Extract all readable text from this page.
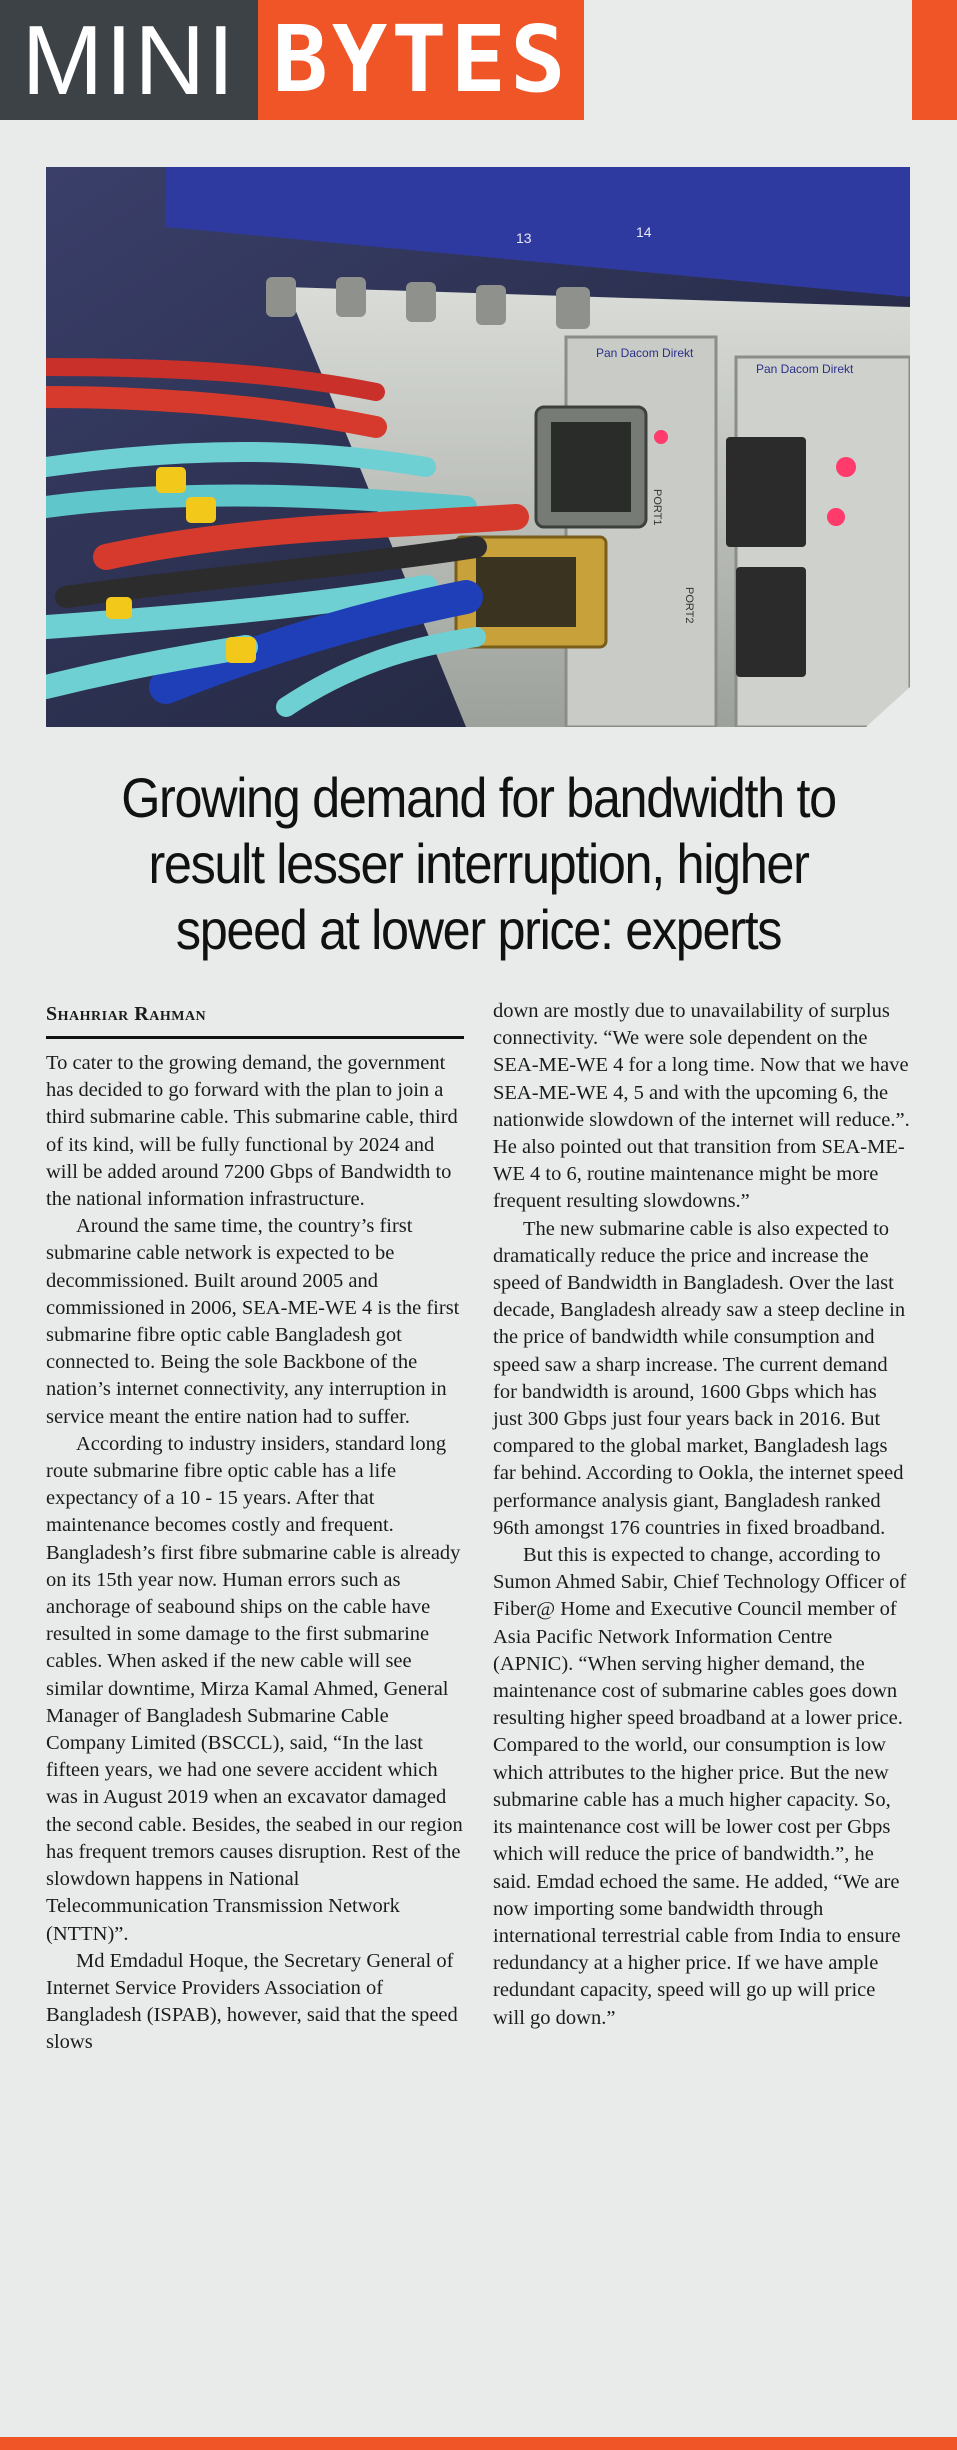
MINI BYTES
Pan Dacom Direkt
Pan Dacom Direkt
13	14
PORT1
PORT2
Growing demand for bandwidth to result lesser interruption, higher speed at lower price: experts
Shahriar Rahman

To cater to the growing demand, the government has decided to go forward with the plan to join a third submarine cable. This submarine cable, third of its kind, will be fully functional by 2024 and will be added around 7200 Gbps of Bandwidth to the national information infrastructure.

Around the same time, the country’s first submarine cable network is expected to be decommissioned. Built around 2005 and commissioned in 2006, SEA-ME-WE 4 is the first submarine fibre optic cable Bangladesh got connected to. Being the sole Backbone of the nation’s internet connectivity, any interruption in service meant the entire nation had to suffer.

According to industry insiders, standard long route submarine fibre optic cable has a life expectancy of a 10 - 15 years. After that maintenance becomes costly and frequent. Bangladesh’s first fibre submarine cable is already on its 15th year now. Human errors such as anchorage of seabound ships on the cable have resulted in some damage to the first submarine cables. When asked if the new cable will see similar downtime, Mirza Kamal Ahmed, General Manager of Bangladesh Submarine Cable Company Limited (BSCCL), said, “In the last fifteen years, we had one severe accident which was in August 2019 when an excavator damaged the second cable. Besides, the seabed in our region has frequent tremors causes disruption. Rest of the slowdown happens in National Telecommunication Transmission Network (NTTN)”.

Md Emdadul Hoque, the Secretary General of Internet Service Providers Association of Bangladesh (ISPAB), however, said that the speed slows

down are mostly due to unavailability of surplus connectivity. “We were sole dependent on the SEA-ME-WE 4 for a long time. Now that we have SEA-ME-WE 4, 5 and with the upcoming 6, the nationwide slowdown of the internet will reduce.”. He also pointed out that transition from SEA-ME-WE 4 to 6, routine maintenance might be more frequent resulting slowdowns.”

The new submarine cable is also expected to dramatically reduce the price and increase the speed of Bandwidth in Bangladesh. Over the last decade, Bangladesh already saw a steep decline in the price of bandwidth while consumption and speed saw a sharp increase. The current demand for bandwidth is around, 1600 Gbps which has just 300 Gbps just four years back in 2016. But compared to the global market, Bangladesh lags far behind. According to Ookla, the internet speed performance analysis giant, Bangladesh ranked 96th amongst 176 countries in fixed broadband.

But this is expected to change, according to Sumon Ahmed Sabir, Chief Technology Officer of Fiber@ Home and Executive Council member of Asia Pacific Network Information Centre (APNIC). “When serving higher demand, the maintenance cost of submarine cables goes down resulting higher speed broadband at a lower price. Compared to the world, our consumption is low which attributes to the higher price. But the new submarine cable has a much higher capacity. So, its maintenance cost will be lower cost per Gbps which will reduce the price of bandwidth.”, he said. Emdad echoed the same. He added, “We are now importing some bandwidth through international terrestrial cable from India to ensure redundancy at a higher price. If we have ample redundant capacity, speed will go up will price will go down.”
